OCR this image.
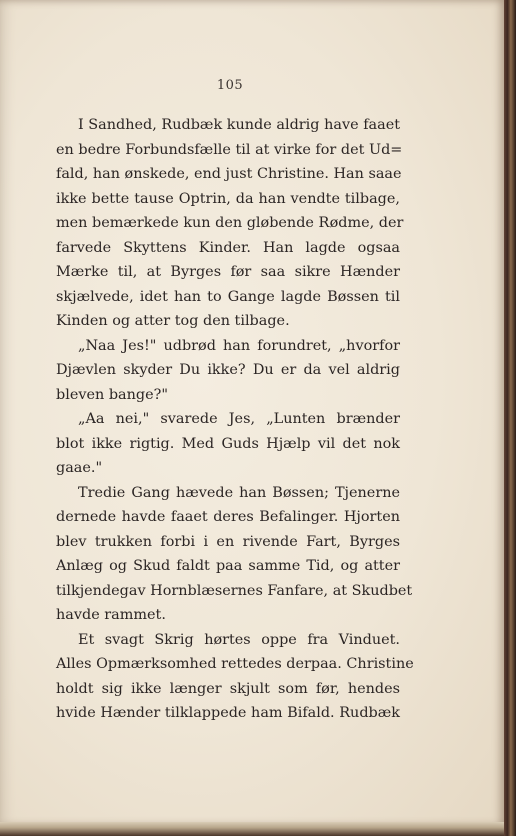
105
I Sandhed, Rudbæk kunde aldrig have faaet
en bedre Forbundsfælle til at virke for det Ud=
fald, han ønskede, end just Christine. Han saae
ikke bette tause Optrin, da han vendte tilbage,
men bemærkede kun den gløbende Rødme, der
farvede Skyttens Kinder. Han lagde ogsaa
Mærke til, at Byrges før saa sikre Hænder
skjælvede, idet han to Gange lagde Bøssen til
Kinden og atter tog den tilbage.
„Naa Jes!" udbrød han forundret, „hvorfor
Djævlen skyder Du ikke? Du er da vel aldrig
bleven bange?"
„Aa nei," svarede Jes, „Lunten brænder
blot ikke rigtig. Med Guds Hjælp vil det nok
gaae."
Tredie Gang hævede han Bøssen; Tjenerne
dernede havde faaet deres Befalinger. Hjorten
blev trukken forbi i en rivende Fart, Byrges
Anlæg og Skud faldt paa samme Tid, og atter
tilkjendegav Hornblæsernes Fanfare, at Skudbet
havde rammet.
Et svagt Skrig hørtes oppe fra Vinduet.
Alles Opmærksomhed rettedes derpaa. Christine
holdt sig ikke længer skjult som før, hendes
hvide Hænder tilklappede ham Bifald. Rudbæk
